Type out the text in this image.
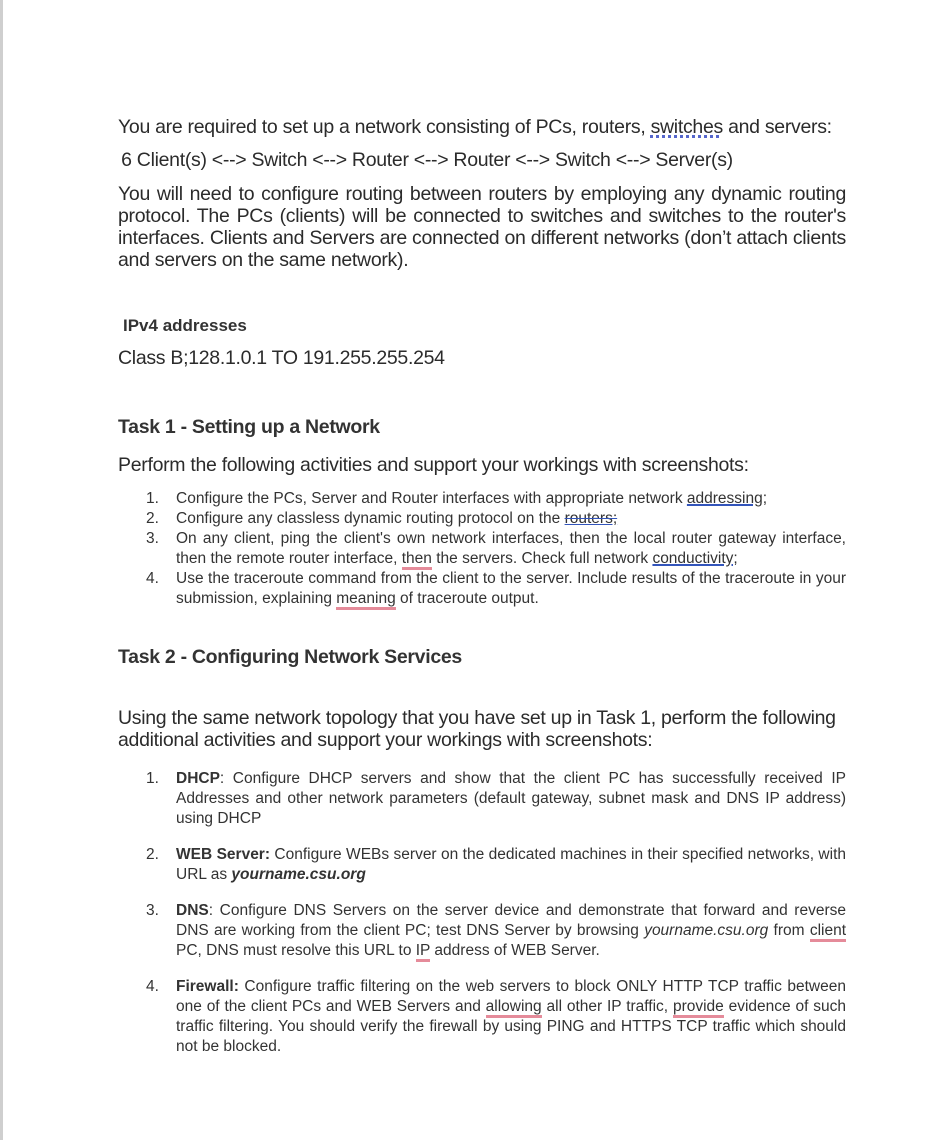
You are required to set up a network consisting of PCs, routers, switches and servers:

6 Client(s) <--> Switch <--> Router <--> Router <--> Switch <--> Server(s)

You will need to configure routing between routers by employing any dynamic routing protocol. The PCs (clients) will be connected to switches and switches to the router's interfaces. Clients and Servers are connected on different networks (don’t attach clients and servers on the same network).

IPv4 addresses

Class B;128.1.0.1 TO 191.255.255.254

Task 1 - Setting up a Network

Perform the following activities and support your workings with screenshots:

1. Configure the PCs, Server and Router interfaces with appropriate network addressing;
2. Configure any classless dynamic routing protocol on the routers;
3. On any client, ping the client's own network interfaces, then the local router gateway interface, then the remote router interface, then the servers. Check full network conductivity;
4. Use the traceroute command from the client to the server. Include results of the traceroute in your submission, explaining meaning of traceroute output.

Task 2 - Configuring Network Services

Using the same network topology that you have set up in Task 1, perform the following additional activities and support your workings with screenshots:

1. DHCP: Configure DHCP servers and show that the client PC has successfully received IP Addresses and other network parameters (default gateway, subnet mask and DNS IP address) using DHCP
2. WEB Server: Configure WEBs server on the dedicated machines in their specified networks, with URL as yourname.csu.org
3. DNS: Configure DNS Servers on the server device and demonstrate that forward and reverse DNS are working from the client PC; test DNS Server by browsing yourname.csu.org from client PC, DNS must resolve this URL to IP address of WEB Server.
4. Firewall: Configure traffic filtering on the web servers to block ONLY HTTP TCP traffic between one of the client PCs and WEB Servers and allowing all other IP traffic, provide evidence of such traffic filtering. You should verify the firewall by using PING and HTTPS TCP traffic which should not be blocked.
